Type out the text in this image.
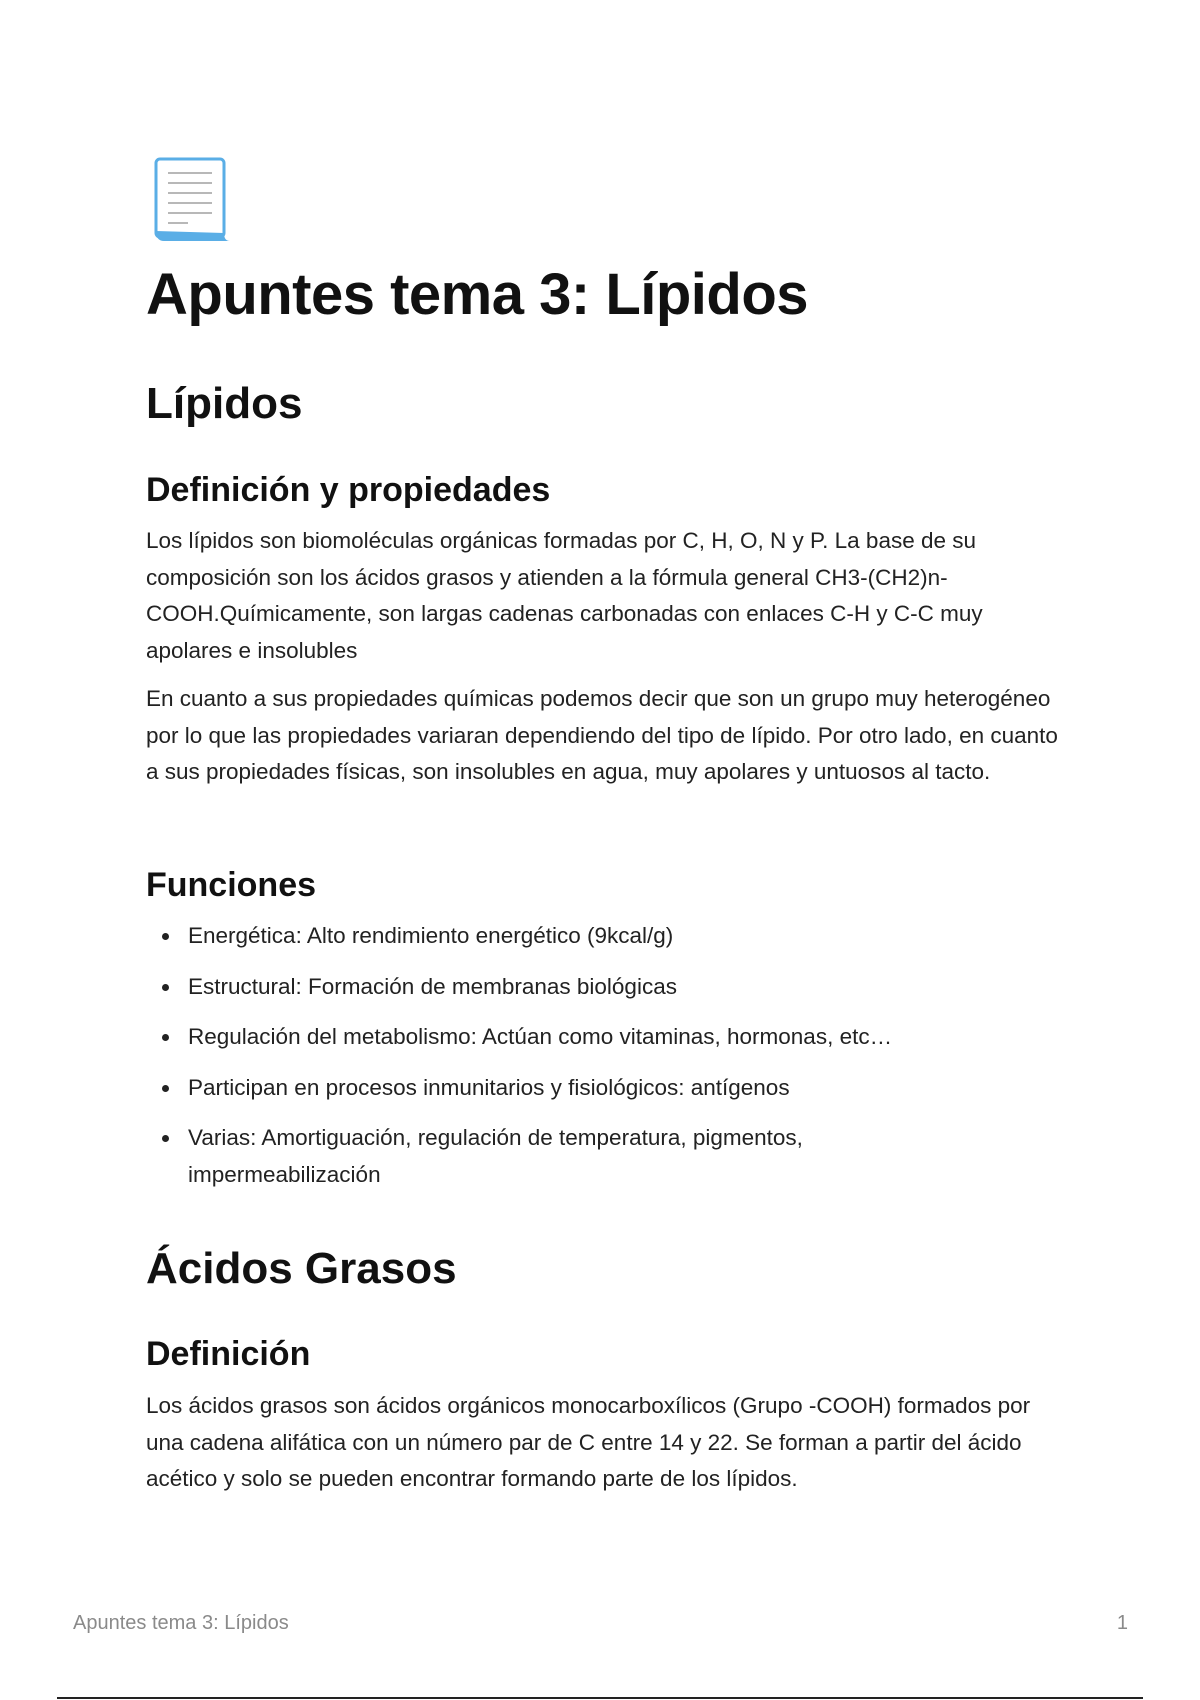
Apuntes tema 3: Lípidos
Lípidos
Definición y propiedades

Los lípidos son biomoléculas orgánicas formadas por C, H, O, N y P. La base de su composición son los ácidos grasos y atienden a la fórmula general CH3-(CH2)n-COOH.Químicamente, son largas cadenas carbonadas con enlaces C-H y C-C muy apolares e insolubles

En cuanto a sus propiedades químicas podemos decir que son un grupo muy heterogéneo por lo que las propiedades variaran dependiendo del tipo de lípido. Por otro lado, en cuanto a sus propiedades físicas, son insolubles en agua, muy apolares y untuosos al tacto.

Funciones
Energética: Alto rendimiento energético (9kcal/g)
Estructural: Formación de membranas biológicas
Regulación del metabolismo: Actúan como vitaminas, hormonas, etc…
Participan en procesos inmunitarios y fisiológicos: antígenos
Varias: Amortiguación, regulación de temperatura, pigmentos, impermeabilización
Ácidos Grasos
Definición

Los ácidos grasos son ácidos orgánicos monocarboxílicos (Grupo -COOH) formados por una cadena alifática con un número par de C entre 14 y 22. Se forman a partir del ácido acético y solo se pueden encontrar formando parte de los lípidos.

Apuntes tema 3: Lípidos	1
